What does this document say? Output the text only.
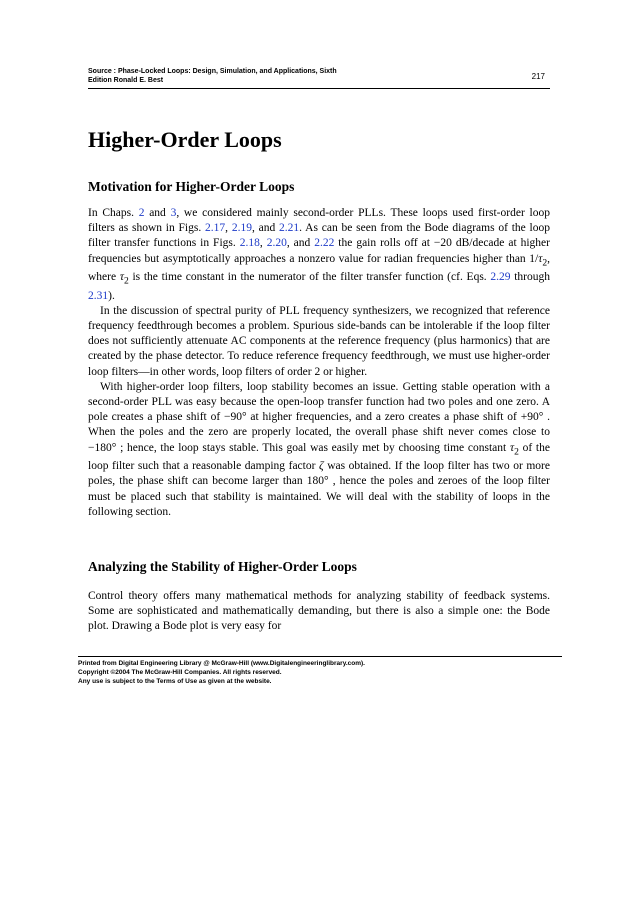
Source : Phase-Locked Loops: Design, Simulation, and Applications, Sixth
Edition Ronald E. Best	217
Higher-Order Loops
Motivation for Higher-Order Loops

In Chaps. 2 and 3, we considered mainly second-order PLLs. These loops used first-order loop filters as shown in Figs. 2.17, 2.19, and 2.21. As can be seen from the Bode diagrams of the loop filter transfer functions in Figs. 2.18, 2.20, and 2.22 the gain rolls off at −20 dB/decade at higher frequencies but asymptotically approaches a nonzero value for radian frequencies higher than $1/\tau_2$, where $\tau_2$ is the time constant in the numerator of the filter transfer function (cf. Eqs. 2.29 through 2.31).

In the discussion of spectral purity of PLL frequency synthesizers, we recognized that reference frequency feedthrough becomes a problem. Spurious side-bands can be intolerable if the loop filter does not sufficiently attenuate AC components at the reference frequency (plus harmonics) that are created by the phase detector. To reduce reference frequency feedthrough, we must use higher-order loop filters—in other words, loop filters of order 2 or higher.

With higher-order loop filters, loop stability becomes an issue. Getting stable operation with a second-order PLL was easy because the open-loop transfer function had two poles and one zero. A pole creates a phase shift of −90° at higher frequencies, and a zero creates a phase shift of +90° . When the poles and the zero are properly located, the overall phase shift never comes close to −180° ; hence, the loop stays stable. This goal was easily met by choosing time constant $\tau_2$ of the loop filter such that a reasonable damping factor ζ was obtained. If the loop filter has two or more poles, the phase shift can become larger than 180° , hence the poles and zeroes of the loop filter must be placed such that stability is maintained. We will deal with the stability of loops in the following section.

Analyzing the Stability of Higher-Order Loops

Control theory offers many mathematical methods for analyzing stability of feedback systems. Some are sophisticated and mathematically demanding, but there is also a simple one: the Bode plot. Drawing a Bode plot is very easy for

Printed from Digital Engineering Library @ McGraw-Hill (www.Digitalengineeringlibrary.com).
Copyright ©2004 The McGraw-Hill Companies. All rights reserved.
Any use is subject to the Terms of Use as given at the website.
